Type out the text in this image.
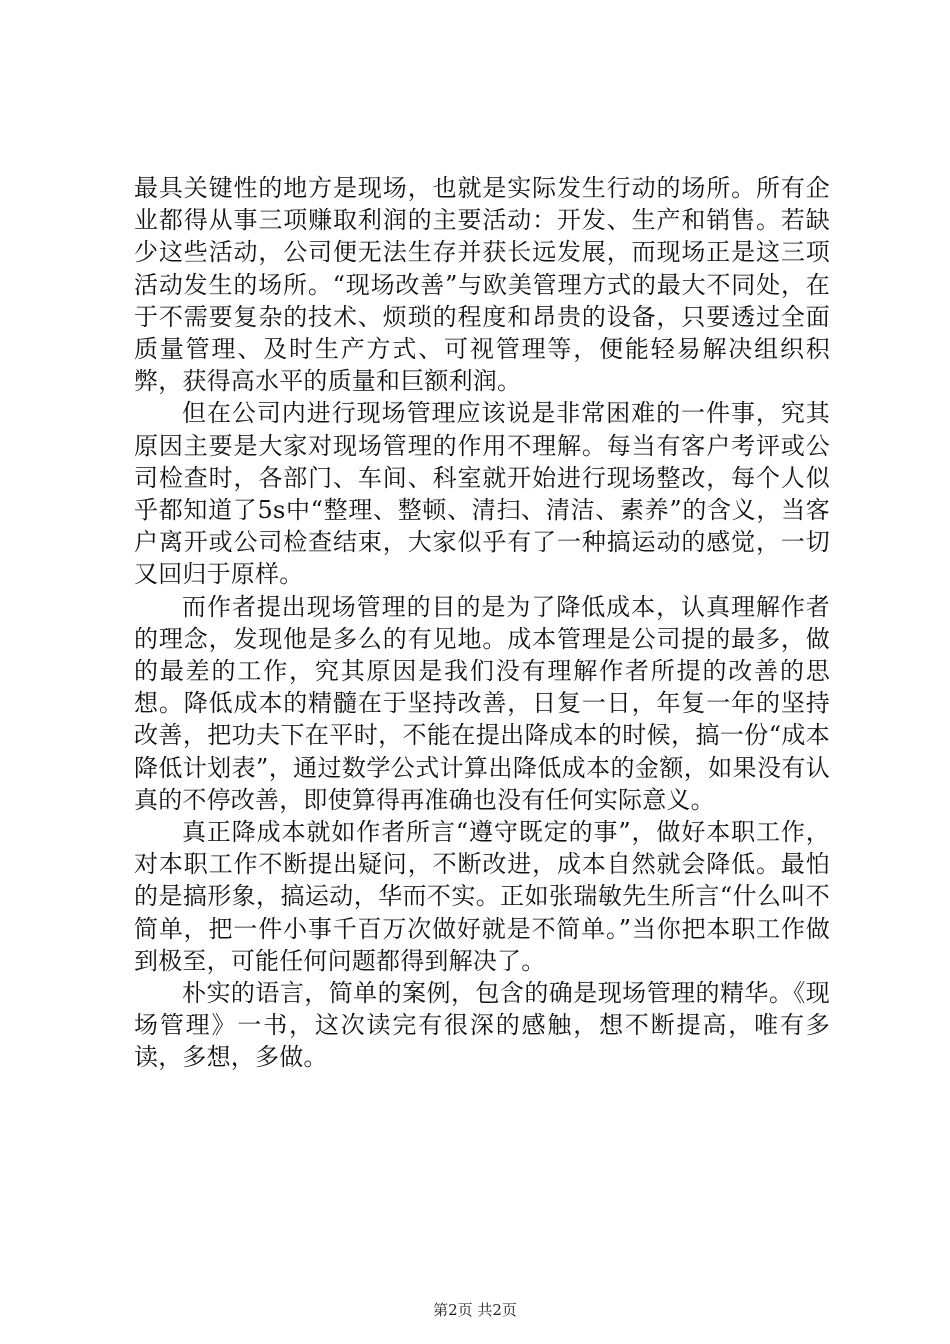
最具关键性的地方是现场，也就是实际发生行动的场所。所有企业都得从事三项赚取利润的主要活动：开发、生产和销售。若缺少这些活动，公司便无法生存并获长远发展，而现场正是这三项活动发生的场所。“现场改善”与欧美管理方式的最大不同处，在于不需要复杂的技术、烦琐的程度和昂贵的设备，只要透过全面质量管理、及时生产方式、可视管理等，便能轻易解决组织积弊，获得高水平的质量和巨额利润。

但在公司内进行现场管理应该说是非常困难的一件事，究其原因主要是大家对现场管理的作用不理解。每当有客户考评或公司检查时，各部门、车间、科室就开始进行现场整改，每个人似乎都知道了5s中“整理、整顿、清扫、清洁、素养”的含义，当客户离开或公司检查结束，大家似乎有了一种搞运动的感觉，一切又回归于原样。

而作者提出现场管理的目的是为了降低成本，认真理解作者的理念，发现他是多么的有见地。成本管理是公司提的最多，做的最差的工作，究其原因是我们没有理解作者所提的改善的思想。降低成本的精髓在于坚持改善，日复一日，年复一年的坚持改善，把功夫下在平时，不能在提出降成本的时候，搞一份“成本降低计划表”，通过数学公式计算出降低成本的金额，如果没有认真的不停改善，即使算得再准确也没有任何实际意义。

真正降成本就如作者所言“遵守既定的事”，做好本职工作，对本职工作不断提出疑问，不断改进，成本自然就会降低。最怕的是搞形象，搞运动，华而不实。正如张瑞敏先生所言“什么叫不简单，把一件小事千百万次做好就是不简单。”当你把本职工作做到极至，可能任何问题都得到解决了。

朴实的语言，简单的案例，包含的确是现场管理的精华。《现场管理》一书，这次读完有很深的感触，想不断提高，唯有多读，多想，多做。

第2页 共2页
